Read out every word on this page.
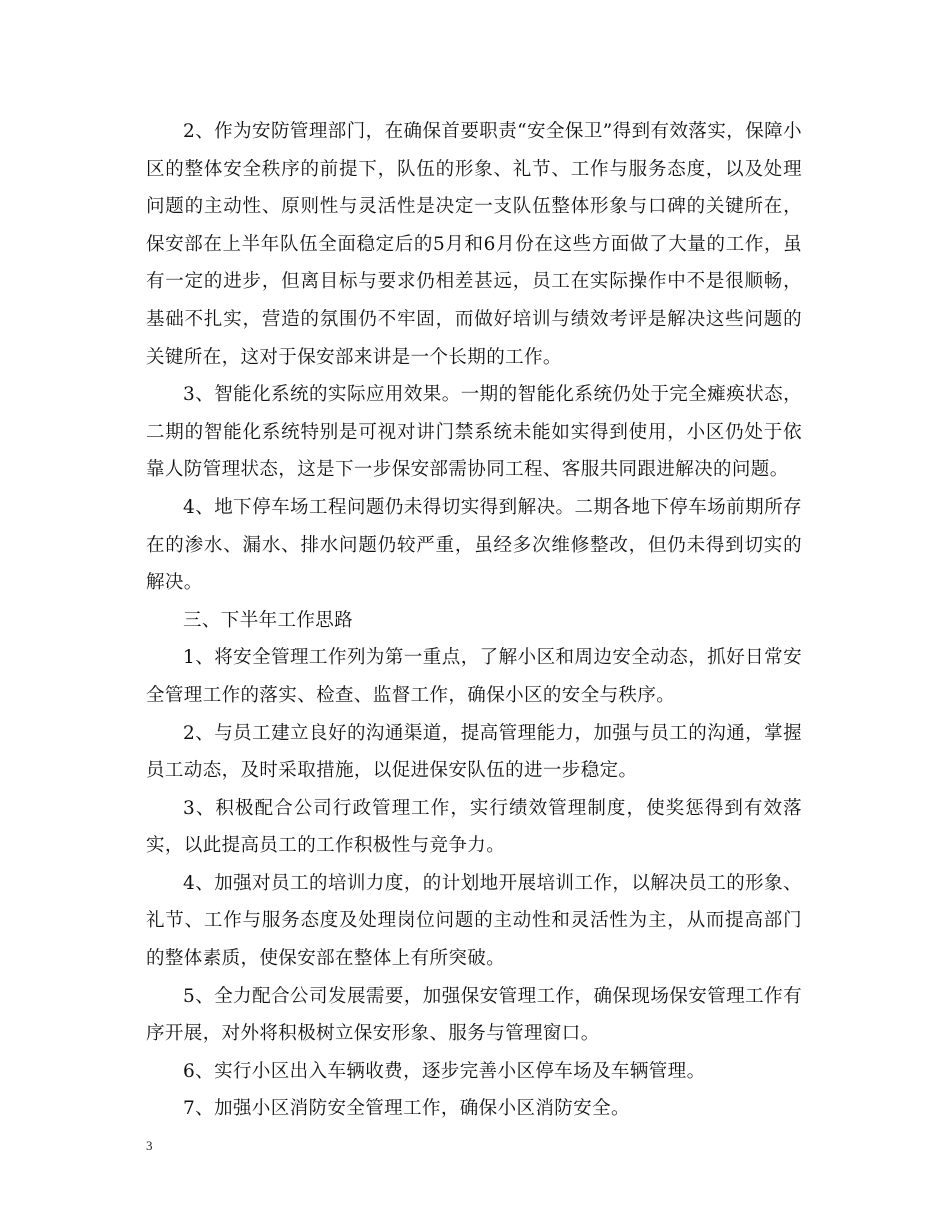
2、作为安防管理部门，在确保首要职责“安全保卫”得到有效落实，保障小区的整体安全秩序的前提下，队伍的形象、礼节、工作与服务态度，以及处理问题的主动性、原则性与灵活性是决定一支队伍整体形象与口碑的关键所在，保安部在上半年队伍全面稳定后的5月和6月份在这些方面做了大量的工作，虽有一定的进步，但离目标与要求仍相差甚远，员工在实际操作中不是很顺畅，基础不扎实，营造的氛围仍不牢固，而做好培训与绩效考评是解决这些问题的关键所在，这对于保安部来讲是一个长期的工作。

3、智能化系统的实际应用效果。一期的智能化系统仍处于完全瘫痪状态，二期的智能化系统特别是可视对讲门禁系统未能如实得到使用，小区仍处于依靠人防管理状态，这是下一步保安部需协同工程、客服共同跟进解决的问题。

4、地下停车场工程问题仍未得切实得到解决。二期各地下停车场前期所存在的渗水、漏水、排水问题仍较严重，虽经多次维修整改，但仍未得到切实的解决。

三、下半年工作思路

1、将安全管理工作列为第一重点，了解小区和周边安全动态，抓好日常安全管理工作的落实、检查、监督工作，确保小区的安全与秩序。

2、与员工建立良好的沟通渠道，提高管理能力，加强与员工的沟通，掌握员工动态，及时采取措施，以促进保安队伍的进一步稳定。

3、积极配合公司行政管理工作，实行绩效管理制度，使奖惩得到有效落实，以此提高员工的工作积极性与竞争力。

4、加强对员工的培训力度，的计划地开展培训工作，以解决员工的形象、礼节、工作与服务态度及处理岗位问题的主动性和灵活性为主，从而提高部门的整体素质，使保安部在整体上有所突破。

5、全力配合公司发展需要，加强保安管理工作，确保现场保安管理工作有序开展，对外将积极树立保安形象、服务与管理窗口。

6、实行小区出入车辆收费，逐步完善小区停车场及车辆管理。

7、加强小区消防安全管理工作，确保小区消防安全。

3
